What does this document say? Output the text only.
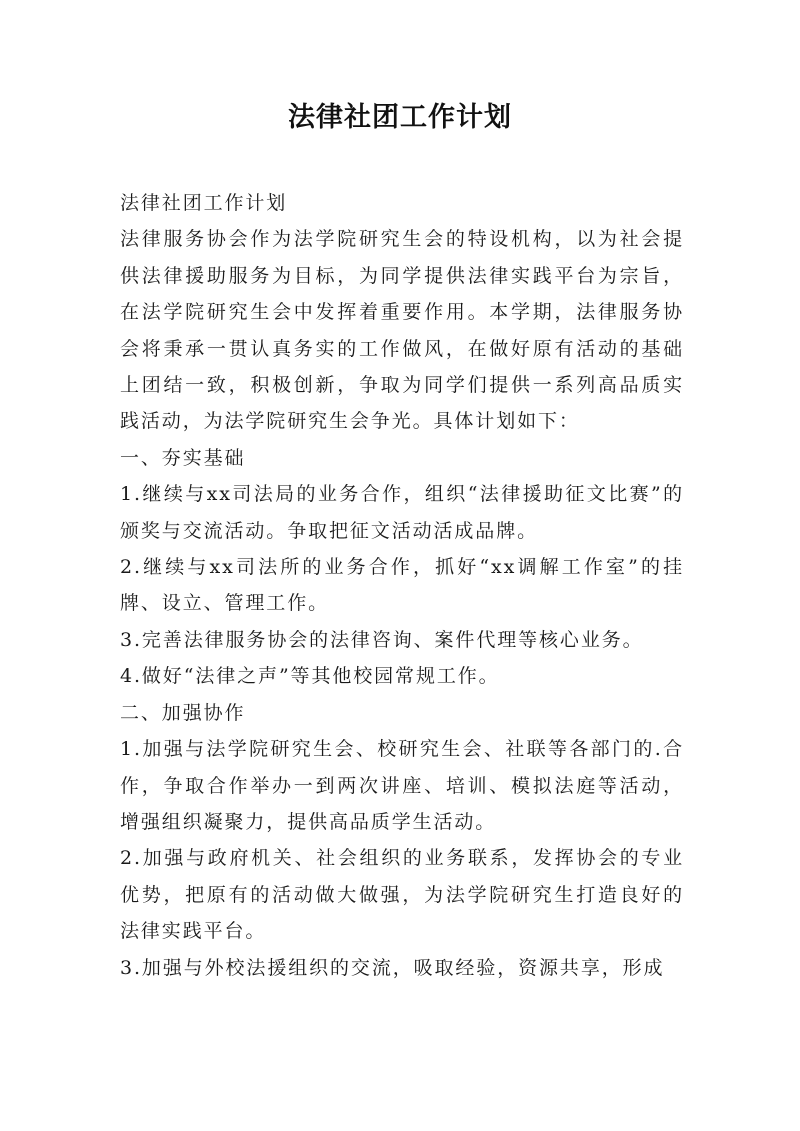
法律社团工作计划

法律社团工作计划

法律服务协会作为法学院研究生会的特设机构，以为社会提供法律援助服务为目标，为同学提供法律实践平台为宗旨，在法学院研究生会中发挥着重要作用。本学期，法律服务协会将秉承一贯认真务实的工作做风，在做好原有活动的基础上团结一致，积极创新，争取为同学们提供一系列高品质实践活动，为法学院研究生会争光。具体计划如下：

一、夯实基础

1.继续与xx司法局的业务合作，组织“法律援助征文比赛”的颁奖与交流活动。争取把征文活动活成品牌。

2.继续与xx司法所的业务合作，抓好“xx调解工作室”的挂牌、设立、管理工作。

3.完善法律服务协会的法律咨询、案件代理等核心业务。

4.做好“法律之声”等其他校园常规工作。

二、加强协作

1.加强与法学院研究生会、校研究生会、社联等各部门的.合作，争取合作举办一到两次讲座、培训、模拟法庭等活动，增强组织凝聚力，提供高品质学生活动。

2.加强与政府机关、社会组织的业务联系，发挥协会的专业优势，把原有的活动做大做强，为法学院研究生打造良好的法律实践平台。

3.加强与外校法援组织的交流，吸取经验，资源共享，形成
